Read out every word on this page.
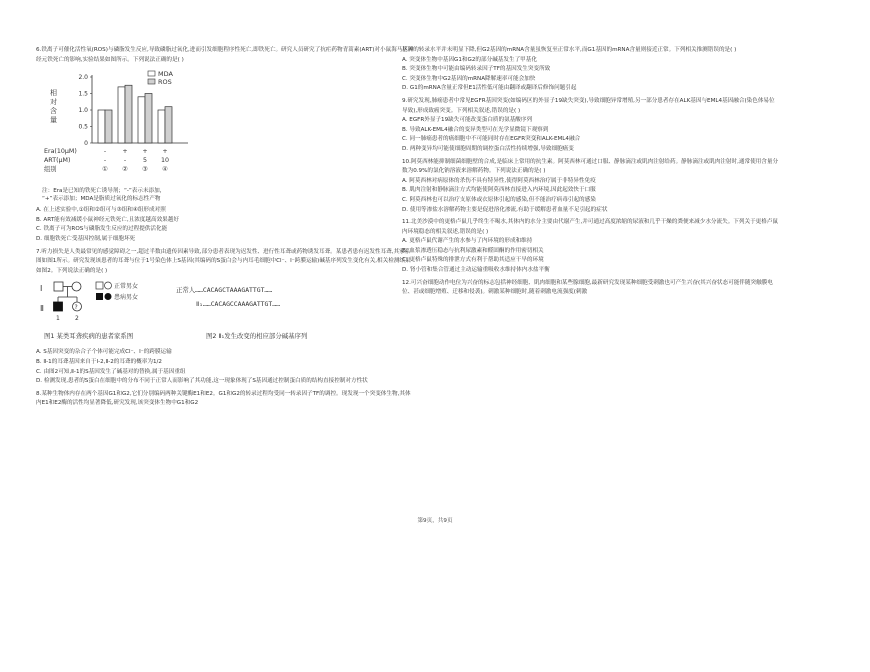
6.铁离子可催化活性氧(ROS)与磷脂发生反应,导致磷脂过氧化,进而引发细胞程序性死亡,即铁死亡。研究人员研究了抗疟药物青蒿素(ART)对小鼠海马区神经元铁死亡的影响,实验结果如图所示。下列说法正确的是( )

相
对
含
量
0
0.5
1.0
1.5
2.0	MDA
ROS
Era(10μM)	-	+ + +
ART(μM)	-	-	5 10
组别	① ② ③ ④
注：Era是已知的铁死亡诱导剂；“-”表示未添加，
“+”表示添加；MDA是脂质过氧化的标志性产物

A. 在上述实验中,①组和②组可与③组和④组形成对照

B. ART能有效减缓小鼠神经元铁死亡,且浓度越高效果越好

C. 铁离子可为ROS与磷脂发生反应的过程提供活化能

D. 细胞铁死亡受基因控制,属于细胞坏死

7.听力损失是人类最常见的感觉障碍之一,超过半数由遗传因素导致,部分患者表现为迟发性、进行性耳聋或药物诱发耳聋。某患者患有迟发性耳聋,其家系图如图1所示。研究发现该患者的耳聋与位于1号染色体上S基因(其编码的S蛋白会与内耳毛细胞中Cl⁻、I⁻跨膜运输)碱基序列发生变化有关,相关检测结果如图2。下列说法正确的是( )

Ⅰ
Ⅱ	?
1	2
正常男女
患病男女
正常人……CACAGCTAAAGATTGT……
Ⅱ₁……CACAGCCAAAGATTGT……
图1 某类耳聋疾病的患者家系图	图2 Ⅱ₁发生改变的相应部分碱基序列

A. S基因突变的杂合子个体可能完成Cl⁻、I⁻的跨膜运输

B. Ⅱ-1的耳聋基因来自于Ⅰ-2,Ⅱ-2的耳聋的概率为1/2

C. 由图2可知,Ⅱ-1的S基因发生了碱基对的替换,属于基因重组

D. 检测发现,患者的S蛋白在细胞中的分布不同于正常人而影响了其功能,这一现象体现了S基因通过控制蛋白质的结构直接控制对方性状

8.某种生物体内存在两个基因G1和G2,它们分别编码两种关键酶E1和E2。G1和G2的转录过程均受同一转录因子TF的调控。现发现一个突变体生物,其体内E1和E2酶的活性均显著降低,研究发现,该突变体生物中G1和G2

基因的转录水平并未明显下降,但G2基因的mRNA含量虽恢复至正常水平,而G1基因的mRNA含量则接近正常。下列相关推测错误的是( )

A. 突变体生物中基因G1和G2的部分碱基发生了甲基化

B. 突变体生物中可能由编码转录因子TF的基因发生突变所致

C. 突变体生物中G2基因的mRNA降解速率可能会加快

D. G1的mRNA含量正常但E1活性低可能由翻译或翻译后修饰问题引起

9.研究发现,肺癌患者中常见EGFR基因突变(如编码区的外显子19缺失突变),导致细胞异常增殖,另一部分患者存在ALK基因与EML4基因融合(染色体易位导致),形成致癌突变。下列相关叙述,错误的是( )

A. EGFR外显子19缺失可能改变蛋白质的氨基酸序列

B. 导致ALK-EML4融合的变异类型可在光学显微镜下观察到

C. 同一肺癌患者的癌细胞中不可能同时存在EGFR突变和ALK-EML4融合

D. 两种变异均可能使细胞周期的调控蛋白活性持续增强,导致细胞癌变

10.阿莫西林能抑制细菌细胞壁的合成,是临床上常用的抗生素。阿莫西林可通过口服、静脉滴注或肌肉注射给药。静脉滴注或肌肉注射时,通常使用含量分数为0.9%的氯化钠溶液来溶解药物。下列说法正确的是( )

A. 阿莫西林对病原体的杀伤不具有特异性,使得阿莫西林治疗属于非特异性免疫

B. 肌肉注射和静脉滴注方式均能使阿莫西林直接进入内环境,因此起效快于口服

C. 阿莫西林也可以治疗支原体或衣原体引起的感染,但不能治疗病毒引起的感染

D. 使用等渗盐水溶解药物主要是促进溶化渗流,有助于缓解患者血量不足引起的症状

11.北美沙漠中的更格卢鼠几乎终生不喝水,其体内的水分主要由代谢产生,并可通过高度浓缩的尿液和几乎干燥的粪便来减少水分流失。下列关于更格卢鼠内环境稳态的相关叙述,错误的是( )

A. 更格卢鼠代谢产生的水参与了内环境的形成和维持

B. 血浆渗透压稳态与抗利尿激素和醛固酮的作用密切相关

C. 更格卢鼠特殊的排泄方式有利于帮助其适应干旱的环境

D. 肾小管和集合管通过主动运输重吸收水维持体内水盐平衡

12.可兴奋细胞动作电位为兴奋的标志包括神经细胞、肌肉细胞和某些腺细胞,最新研究发现某种细胞受刺激也可产生兴奋(其兴奋状态可能伴随突触膜电位、甚或细胞增殖、迁移和侵袭)。刺激某种细胞时,随着刺激电流强度(刺激

第9页，共9页
